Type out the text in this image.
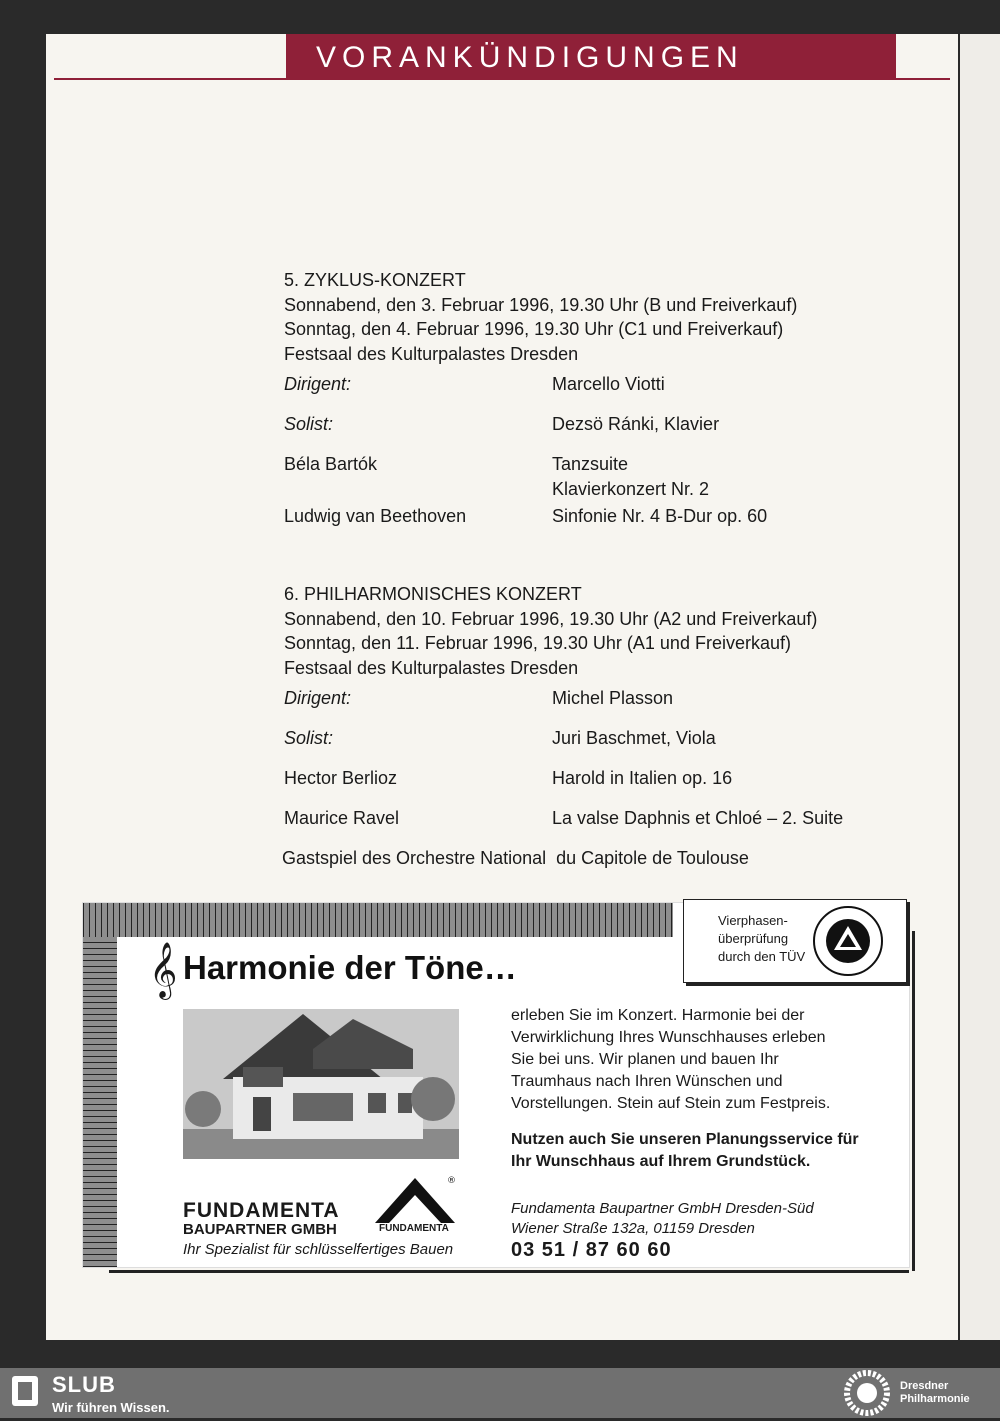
VORANKÜNDIGUNGEN
5. ZYKLUS-KONZERT
Sonnabend, den 3. Februar 1996, 19.30 Uhr (B und Freiverkauf)
Sonntag, den 4. Februar 1996, 19.30 Uhr (C1 und Freiverkauf)
Festsaal des Kulturpalastes Dresden
Dirigent:	Marcello Viotti
Solist:	Dezsö Ránki, Klavier
Béla Bartók	Tanzsuite
Klavierkonzert Nr. 2
Ludwig van Beethoven	Sinfonie Nr. 4 B-Dur op. 60
6. PHILHARMONISCHES KONZERT
Sonnabend, den 10. Februar 1996, 19.30 Uhr (A2 und Freiverkauf)
Sonntag, den 11. Februar 1996, 19.30 Uhr (A1 und Freiverkauf)
Festsaal des Kulturpalastes Dresden
Dirigent:	Michel Plasson
Solist:	Juri Baschmet, Viola
Hector Berlioz	Harold in Italien op. 16
Maurice Ravel	La valse Daphnis et Chloé – 2. Suite
Gastspiel des Orchestre National  du Capitole de Toulouse
𝄞 Harmonie der Töne…
erleben Sie im Konzert. Harmonie bei der
Verwirklichung Ihres Wunschhauses erleben
Sie bei uns. Wir planen und bauen Ihr
Traumhaus nach Ihren Wünschen und
Vorstellungen. Stein auf Stein zum Festpreis.
Nutzen auch Sie unseren Planungsservice für
Ihr Wunschhaus auf Ihrem Grundstück.
Fundamenta Baupartner GmbH Dresden-Süd
Wiener Straße 132a, 01159 Dresden
03 51 / 87 60 60
®
FUNDAMENTA
BAUPARTNER GMBH	FUNDAMENTA
Ihr Spezialist für schlüsselfertiges Bauen
Vierphasen-
überprüfung
durch den TÜV
SLUB
Wir führen Wissen.
Dresdner
Philharmonie
